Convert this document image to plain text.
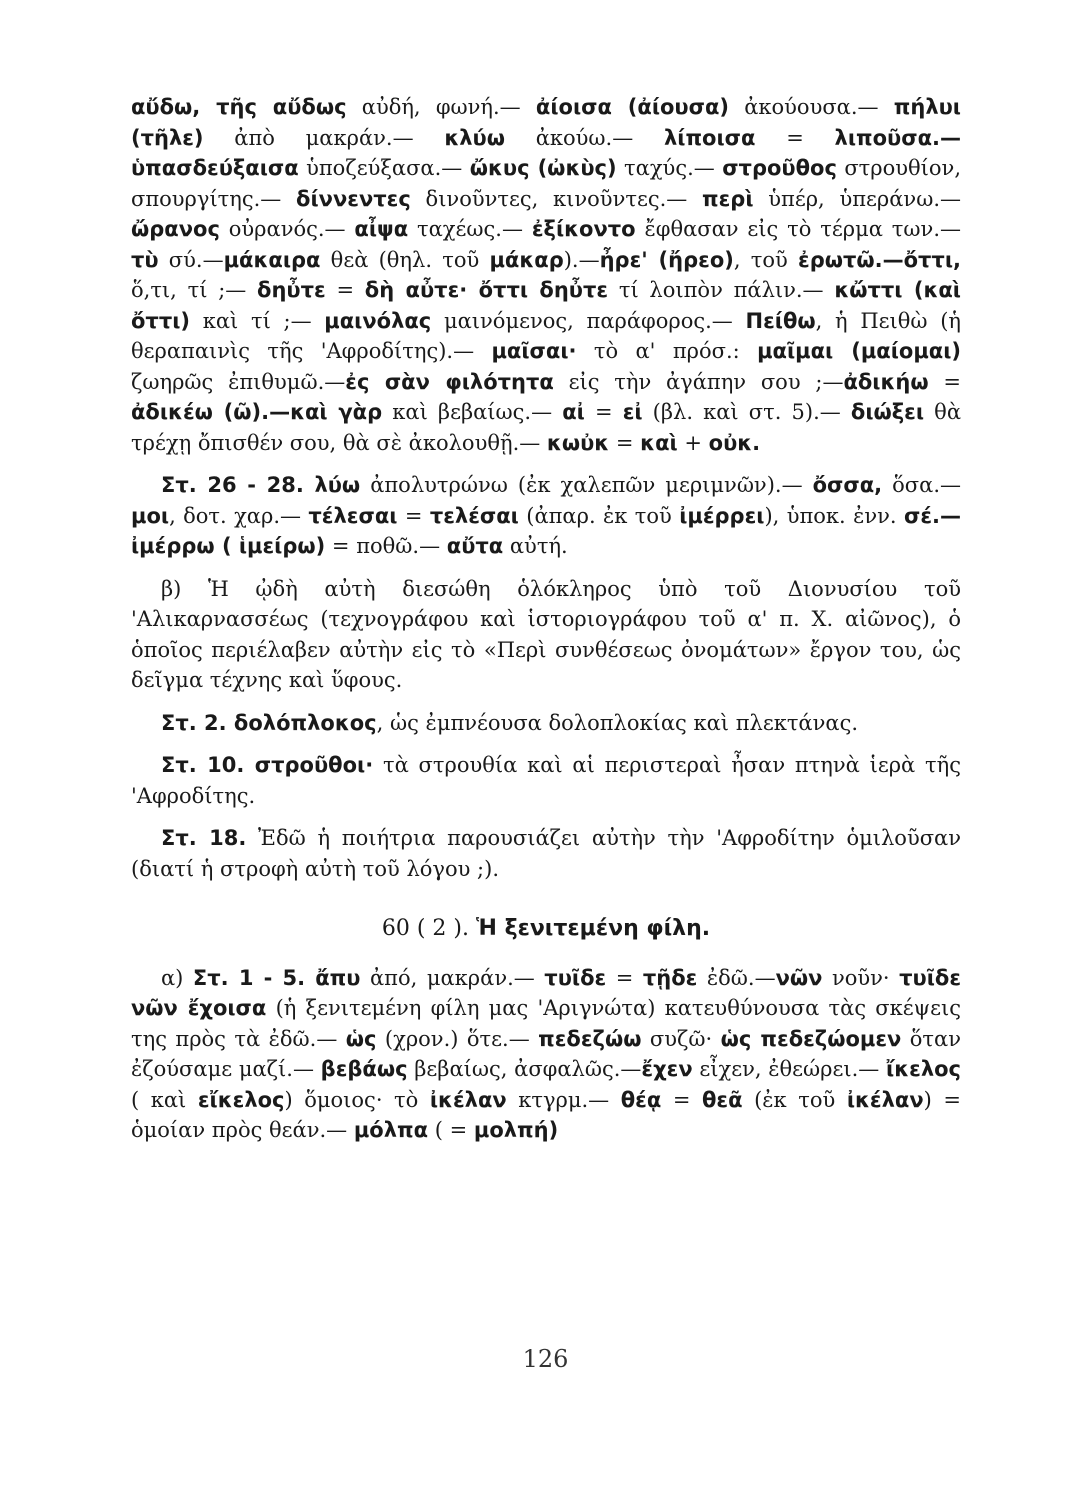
αὔδω, τῆς αὔδως αὐδή, φωνή.— ἀίοισα (ἀίουσα) ἀκούουσα.— πήλυι (τῆλε) ἀπὸ μακράν.— κλύω ἀκούω.— λίποισα = λιποῦσα.— ὑπασδεύξαισα ὑποζεύξασα.— ὤκυς (ὠκὺς) ταχύς.— στροῦθος στρουθίον, σπουργίτης.— δίννεντες δινοῦντες, κινοῦντες.— περὶ ὑπέρ, ὑπεράνω.— ὤρανος οὐρανός.— αἶψα ταχέως.— ἐξίκοντο ἔφθασαν εἰς τὸ τέρμα των.— τὺ σύ.—μάκαιρα θεὰ (θηλ. τοῦ μάκαρ).—ἦρε' (ἤρεο), τοῦ ἐρωτῶ.—ὄττι, ὅ,τι, τί ;— δηὖτε = δὴ αὖτε· ὄττι δηὖτε τί λοιπὸν πάλιν.— κὤττι (καὶ ὄττι) καὶ τί ;— μαινόλας μαινόμενος, παράφορος.— Πείθω, ἡ Πειθὼ (ἡ θεραπαινὶς τῆς 'Αφροδίτης).— μαῖσαι· τὸ α' πρόσ.: μαῖμαι (μαίομαι) ζωηρῶς ἐπιθυμῶ.—ἐς σὰν φιλότητα εἰς τὴν ἀγάπην σου ;—ἀδικήω = ἀδικέω (ῶ).—καὶ γὰρ καὶ βεβαίως.— αἰ = εἰ (βλ. καὶ στ. 5).— διώξει θὰ τρέχῃ ὄπισθέν σου, θὰ σὲ ἀκολουθῇ.— κωὐκ = καὶ + οὐκ.

Στ. 26 - 28. λύω ἀπολυτρώνω (ἐκ χαλεπῶν μεριμνῶν).— ὄσσα, ὅσα.— μοι, δοτ. χαρ.— τέλεσαι = τελέσαι (ἀπαρ. ἐκ τοῦ ἰμέρρει), ὑποκ. ἐνν. σέ.— ἰμέρρω ( ἱμείρω) = ποθῶ.— αὔτα αὐτή.

β) Ἡ ᾠδὴ αὐτὴ διεσώθη ὁλόκληρος ὑπὸ τοῦ Διονυσίου τοῦ 'Αλικαρνασσέως (τεχνογράφου καὶ ἱστοριογράφου τοῦ α' π. Χ. αἰῶνος), ὁ ὁποῖος περιέλαβεν αὐτὴν εἰς τὸ «Περὶ συνθέσεως ὀνομάτων» ἔργον του, ὡς δεῖγμα τέχνης καὶ ὕφους.

Στ. 2. δολόπλοκος, ὡς ἐμπνέουσα δολοπλοκίας καὶ πλεκτάνας.

Στ. 10. στροῦθοι· τὰ στρουθία καὶ αἱ περιστεραὶ ἦσαν πτηνὰ ἱερὰ τῆς 'Αφροδίτης.

Στ. 18. Ἐδῶ ἡ ποιήτρια παρουσιάζει αὐτὴν τὴν 'Αφροδίτην ὁμιλοῦσαν (διατί ἡ στροφὴ αὐτὴ τοῦ λόγου ;).

60 ( 2 ). Ἡ ξενιτεμένη φίλη.

α) Στ. 1 - 5. ἄπυ ἀπό, μακράν.— τυῖδε = τῇδε ἐδῶ.—νῶν νοῦν· τυῖδε νῶν ἔχοισα (ἡ ξενιτεμένη φίλη μας 'Αριγνώτα) κατευθύνουσα τὰς σκέψεις της πρὸς τὰ ἐδῶ.— ὡς (χρον.) ὅτε.— πεδεζώω συζῶ· ὡς πεδεζώομεν ὅταν ἐζούσαμε μαζί.— βεβάως βεβαίως, ἀσφαλῶς.—ἔχεν εἶχεν, ἐθεώρει.— ἴκελος ( καὶ εἴκελος) ὅμοιος· τὸ ἰκέλαν κτγρμ.— θέᾳ = θεᾶ (ἐκ τοῦ ἰκέλαν) = ὁμοίαν πρὸς θεάν.— μόλπα ( = μολπή)

126
